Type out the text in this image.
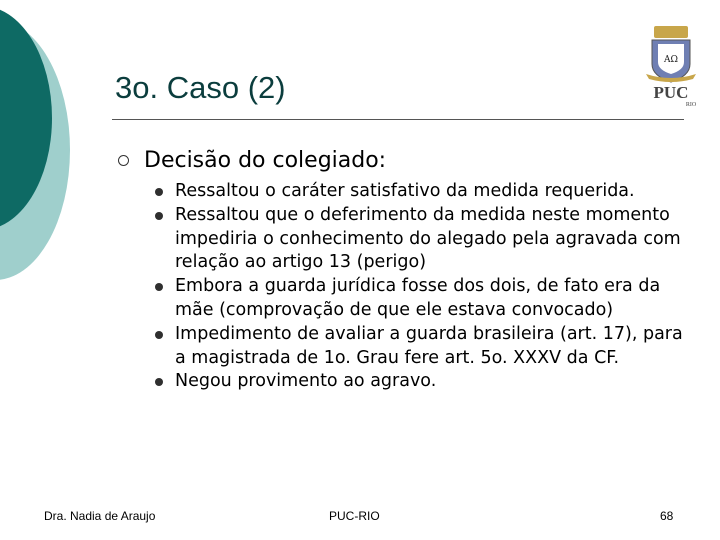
3o. Caso (2)
ΑΩ
PUC
RIO
Decisão do colegiado:
Ressaltou o caráter satisfativo da medida requerida.
Ressaltou que o deferimento da medida neste momento impediria o conhecimento do alegado pela agravada com relação ao artigo 13 (perigo)
Embora a guarda jurídica fosse dos dois, de fato era da mãe (comprovação de que ele estava convocado)
Impedimento de avaliar a guarda brasileira (art. 17), para a magistrada de 1o. Grau fere art. 5o. XXXV da CF.
Negou provimento ao agravo.
Dra. Nadia de Araujo	PUC-RIO	68
